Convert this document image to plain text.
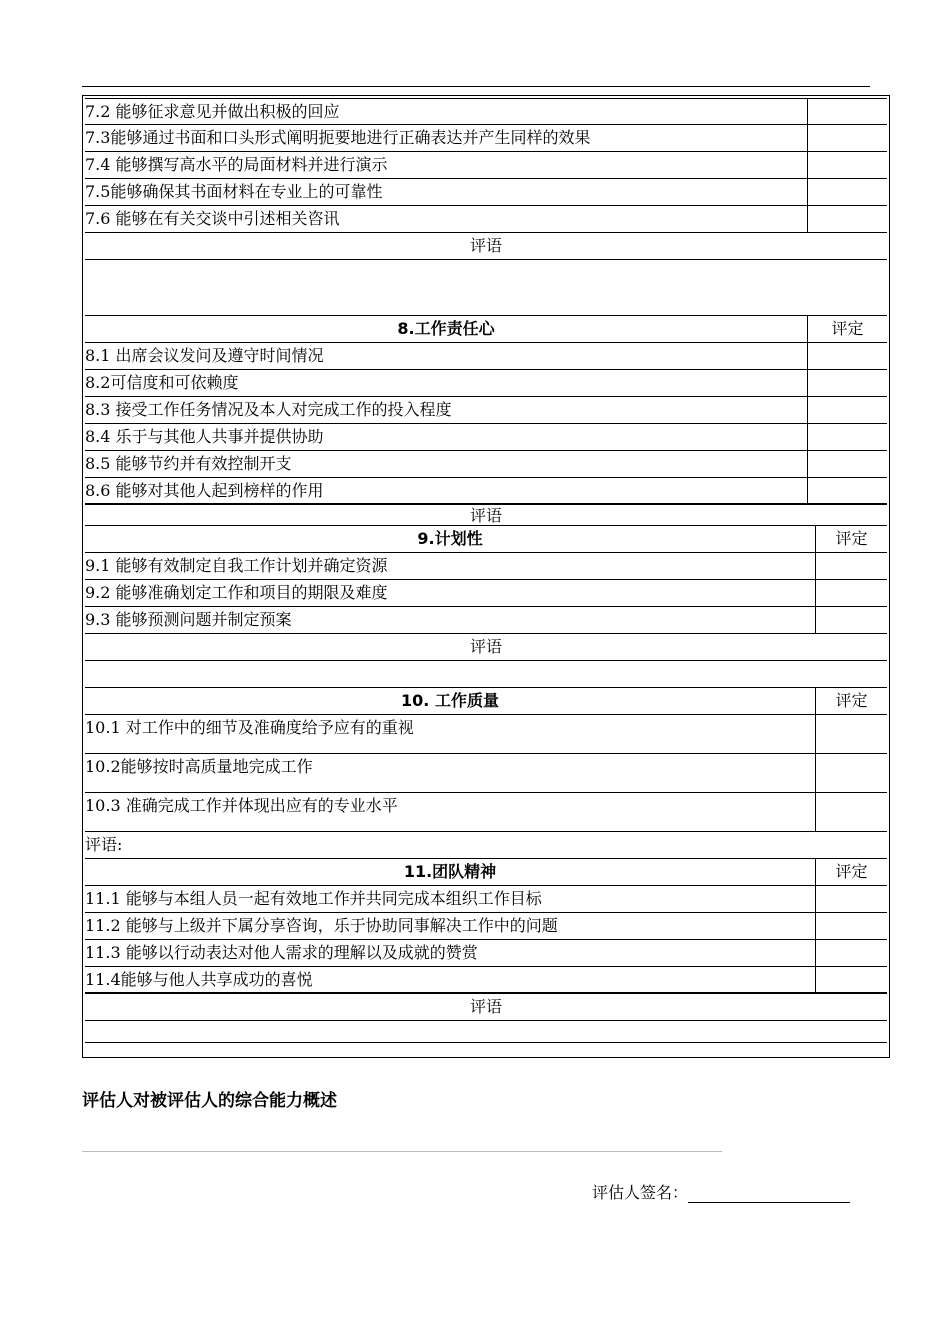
7.2 能够征求意见并做出积极的回应
7.3能够通过书面和口头形式阐明扼要地进行正确表达并产生同样的效果
7.4 能够撰写高水平的局面材料并进行演示
7.5能够确保其书面材料在专业上的可靠性
7.6 能够在有关交谈中引述相关咨讯
评语
8.工作责任心	评定
8.1 出席会议发问及遵守时间情况
8.2可信度和可依赖度
8.3 接受工作任务情况及本人对完成工作的投入程度
8.4 乐于与其他人共事并提供协助
8.5 能够节约并有效控制开支
8.6 能够对其他人起到榜样的作用
评语
9.计划性	评定
9.1 能够有效制定自我工作计划并确定资源
9.2 能够准确划定工作和项目的期限及难度
9.3 能够预测问题并制定预案
评语
10. 工作质量	评定
10.1 对工作中的细节及准确度给予应有的重视
10.2能够按时高质量地完成工作
10.3 准确完成工作并体现出应有的专业水平
评语:
11.团队精神	评定
11.1 能够与本组人员一起有效地工作并共同完成本组织工作目标
11.2 能够与上级并下属分享咨询，乐于协助同事解决工作中的问题
11.3 能够以行动表达对他人需求的理解以及成就的赞赏
11.4能够与他人共享成功的喜悦
评语
评估人对被评估人的综合能力概述
评估人签名：
